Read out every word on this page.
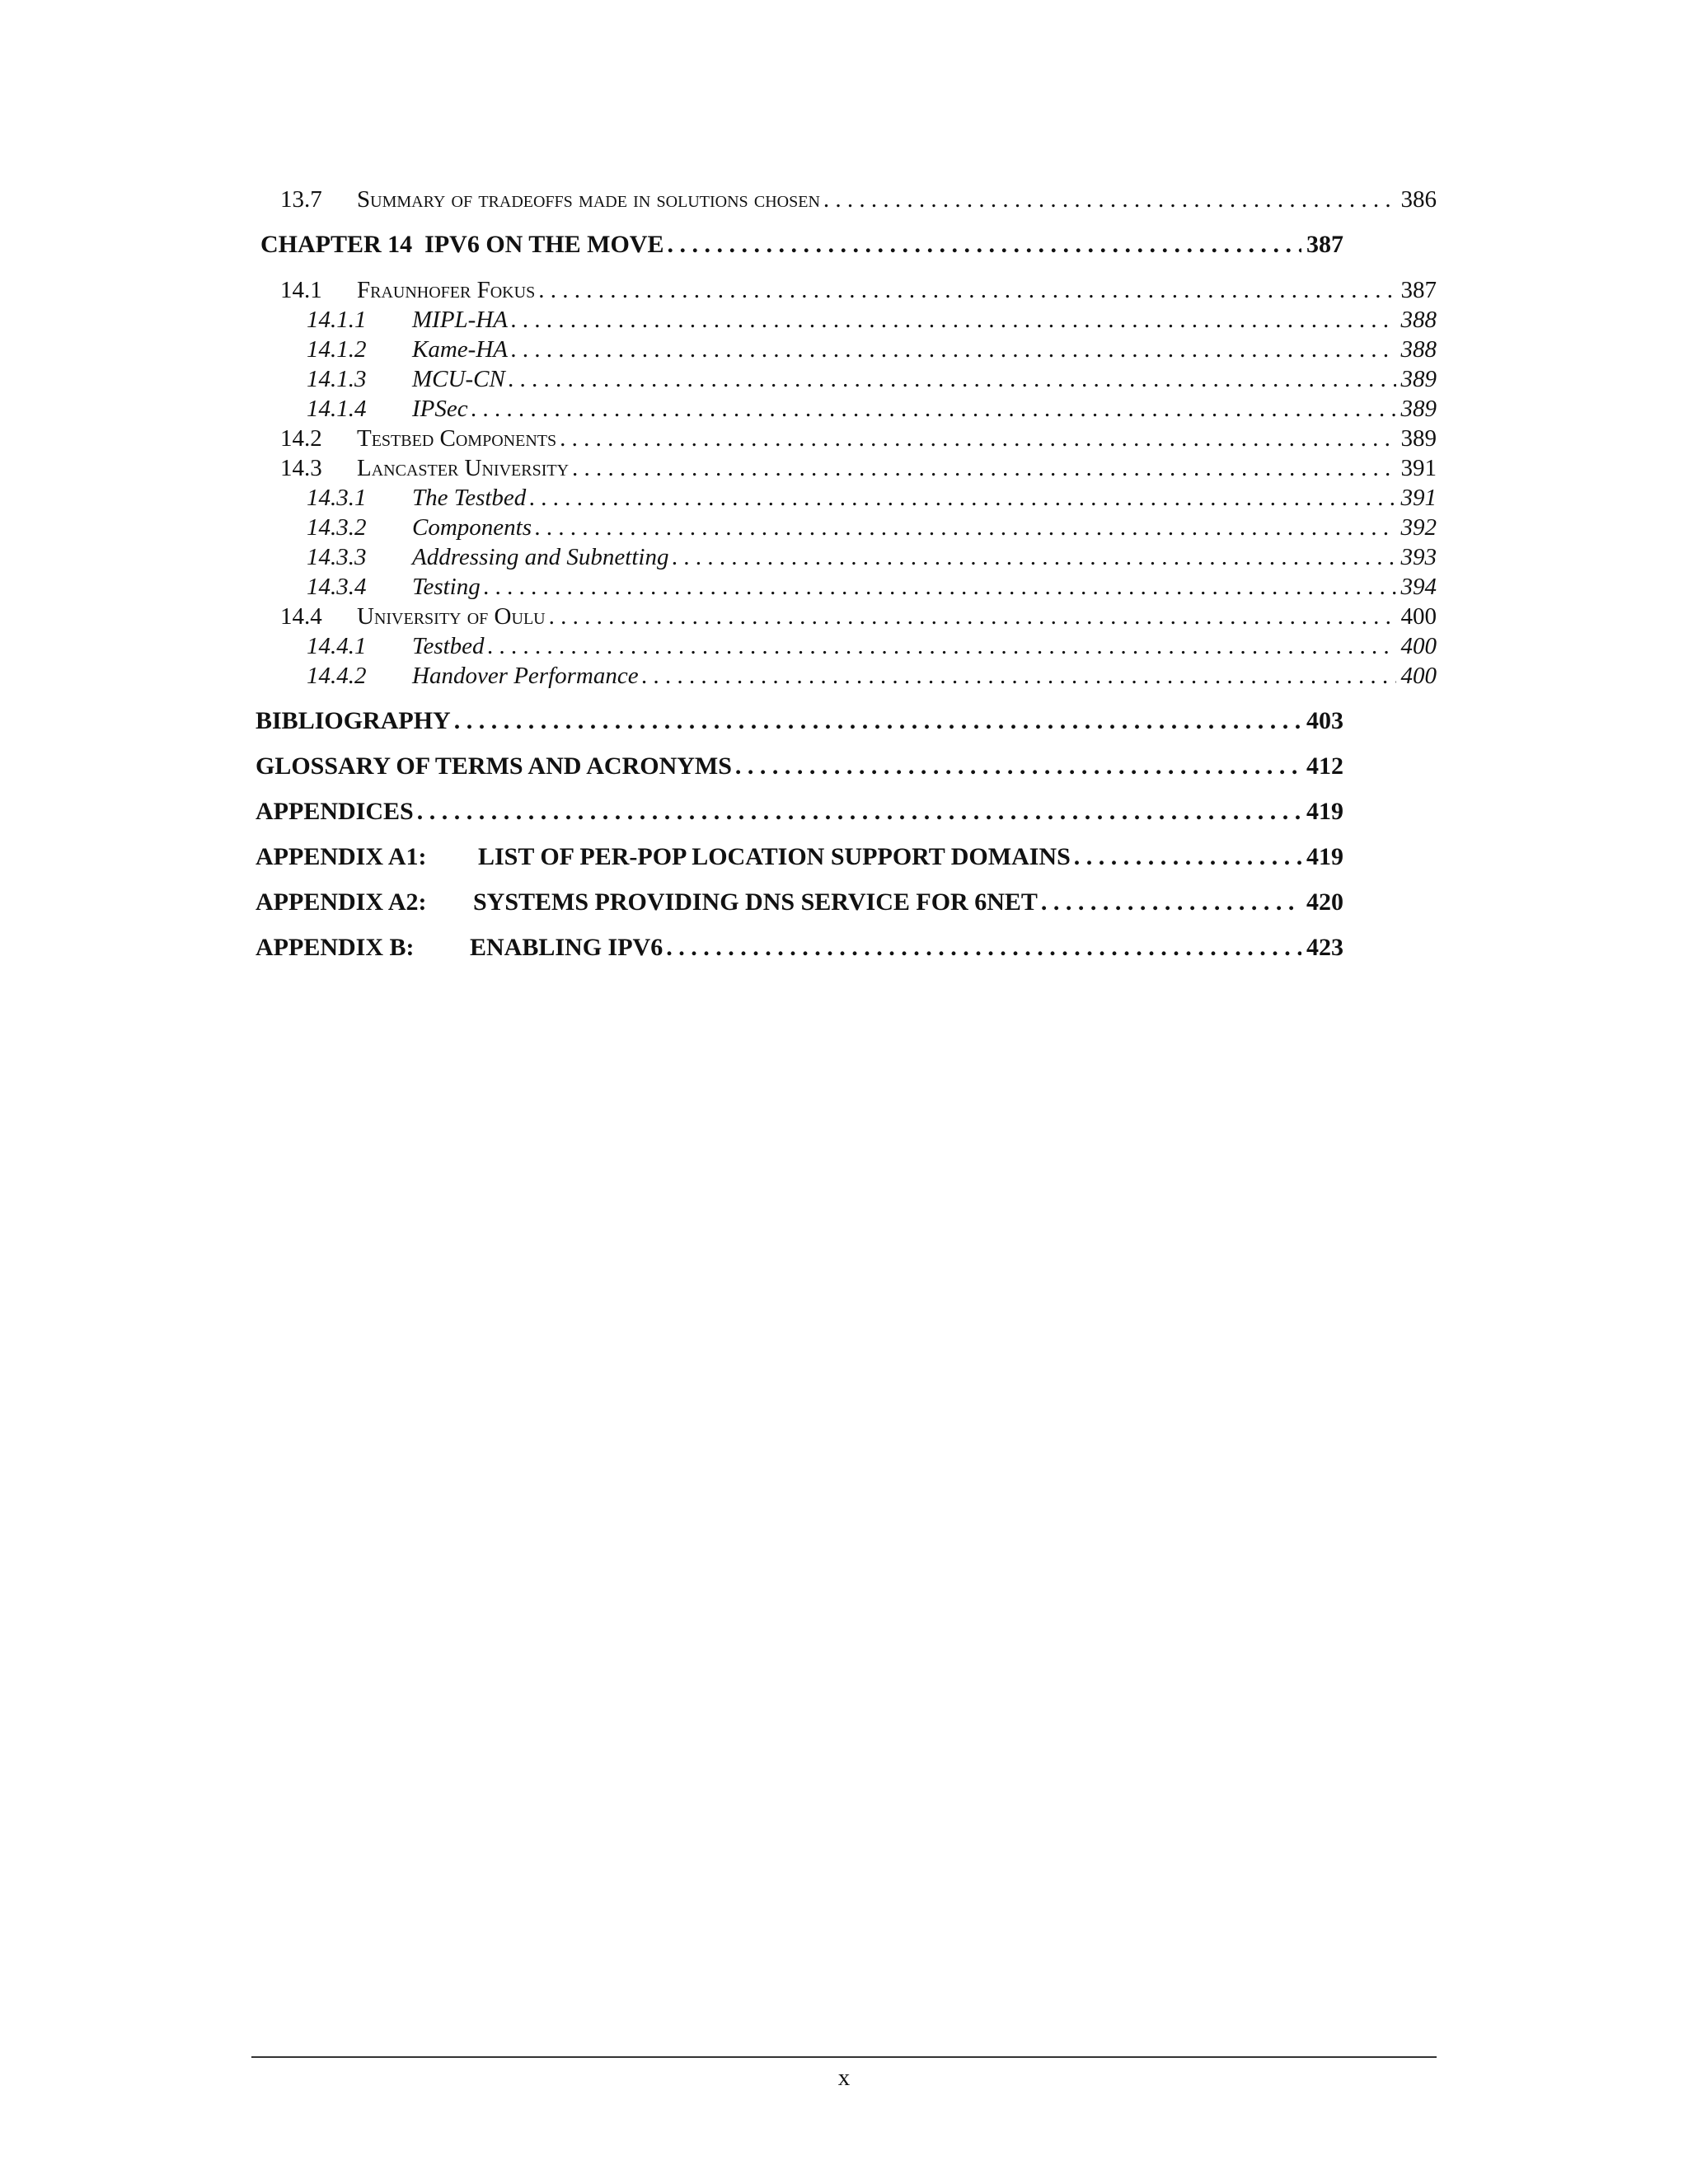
13.7	Summary of tradeoffs made in solutions chosen . . .	386
CHAPTER 14  IPV6 ON THE MOVE . . .	387
14.1	Fraunhofer Fokus . . .	387
14.1.1	MIPL-HA . . .	388
14.1.2	Kame-HA . . .	388
14.1.3	MCU-CN . . .	389
14.1.4	IPSec . . .	389
14.2	Testbed Components . . .	389
14.3	Lancaster University . . .	391
14.3.1	The Testbed . . .	391
14.3.2	Components . . .	392
14.3.3	Addressing and Subnetting . . .	393
14.3.4	Testing . . .	394
14.4	University of Oulu . . .	400
14.4.1	Testbed . . .	400
14.4.2	Handover Performance . . .	400
BIBLIOGRAPHY . . .	403
GLOSSARY OF TERMS AND ACRONYMS . . .	412
APPENDICES . . .	419
APPENDIX A1:	LIST OF PER-POP LOCATION SUPPORT DOMAINS . . .	419
APPENDIX A2:	SYSTEMS PROVIDING DNS SERVICE FOR 6NET . . .	420
APPENDIX B:	ENABLING IPV6 . . .	423
x
